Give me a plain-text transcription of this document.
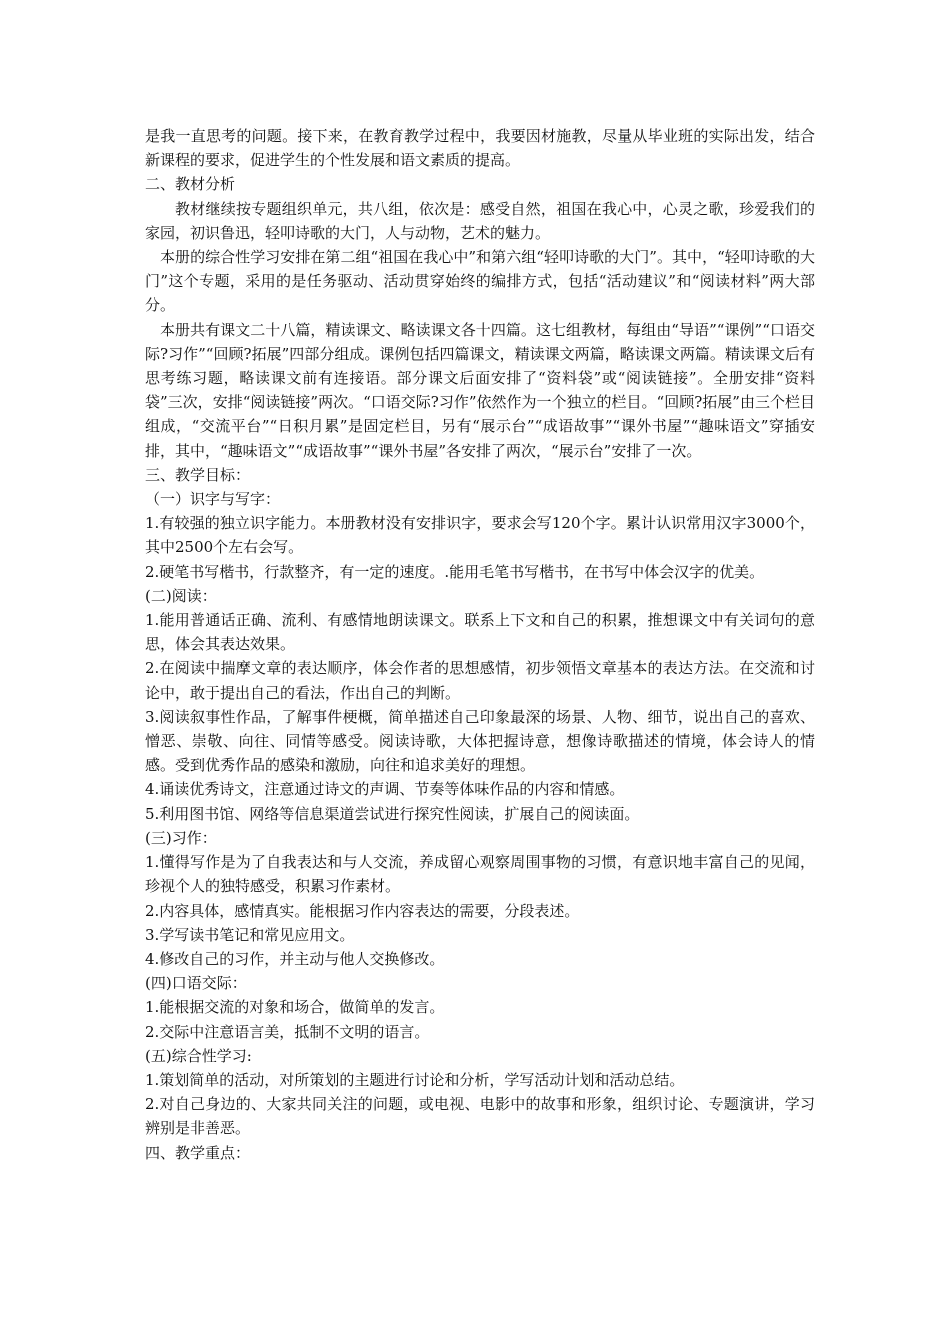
是我一直思考的问题。接下来，在教育教学过程中，我要因材施教，尽量从毕业班的实际出发，结合新课程的要求，促进学生的个性发展和语文素质的提高。

二、教材分析

教材继续按专题组织单元，共八组，依次是：感受自然，祖国在我心中，心灵之歌，珍爱我们的家园，初识鲁迅，轻叩诗歌的大门，人与动物，艺术的魅力。

本册的综合性学习安排在第二组“祖国在我心中”和第六组“轻叩诗歌的大门”。其中，“轻叩诗歌的大门”这个专题，采用的是任务驱动、活动贯穿始终的编排方式，包括“活动建议”和“阅读材料”两大部分。

本册共有课文二十八篇，精读课文、略读课文各十四篇。这七组教材，每组由“导语”“课例”“口语交际?习作”“回顾?拓展”四部分组成。课例包括四篇课文，精读课文两篇，略读课文两篇。精读课文后有思考练习题，略读课文前有连接语。部分课文后面安排了“资料袋”或“阅读链接”。全册安排“资料袋”三次，安排“阅读链接”两次。“口语交际?习作”依然作为一个独立的栏目。“回顾?拓展”由三个栏目组成，“交流平台”“日积月累”是固定栏目，另有“展示台”“成语故事”“课外书屋”“趣味语文”穿插安排，其中，“趣味语文”“成语故事”“课外书屋”各安排了两次，“展示台”安排了一次。

三、教学目标：

（一）识字与写字：

1.有较强的独立识字能力。本册教材没有安排识字，要求会写120个字。累计认识常用汉字3000个，其中2500个左右会写。

2.硬笔书写楷书，行款整齐，有一定的速度。.能用毛笔书写楷书，在书写中体会汉字的优美。

(二)阅读：

1.能用普通话正确、流利、有感情地朗读课文。联系上下文和自己的积累，推想课文中有关词句的意思，体会其表达效果。

2.在阅读中揣摩文章的表达顺序，体会作者的思想感情，初步领悟文章基本的表达方法。在交流和讨论中，敢于提出自己的看法，作出自己的判断。

3.阅读叙事性作品，了解事件梗概，简单描述自己印象最深的场景、人物、细节，说出自己的喜欢、憎恶、崇敬、向往、同情等感受。阅读诗歌，大体把握诗意，想像诗歌描述的情境，体会诗人的情感。受到优秀作品的感染和激励，向往和追求美好的理想。

4.诵读优秀诗文，注意通过诗文的声调、节奏等体味作品的内容和情感。

5.利用图书馆、网络等信息渠道尝试进行探究性阅读，扩展自己的阅读面。

(三)习作：

1.懂得写作是为了自我表达和与人交流，养成留心观察周围事物的习惯，有意识地丰富自己的见闻，珍视个人的独特感受，积累习作素材。

2.内容具体，感情真实。能根据习作内容表达的需要，分段表述。

3.学写读书笔记和常见应用文。

4.修改自己的习作，并主动与他人交换修改。

(四)口语交际：

1.能根据交流的对象和场合，做简单的发言。

2.交际中注意语言美，抵制不文明的语言。

(五)综合性学习:

1.策划简单的活动，对所策划的主题进行讨论和分析，学写活动计划和活动总结。

2.对自己身边的、大家共同关注的问题，或电视、电影中的故事和形象，组织讨论、专题演讲，学习辨别是非善恶。

四、教学重点：
